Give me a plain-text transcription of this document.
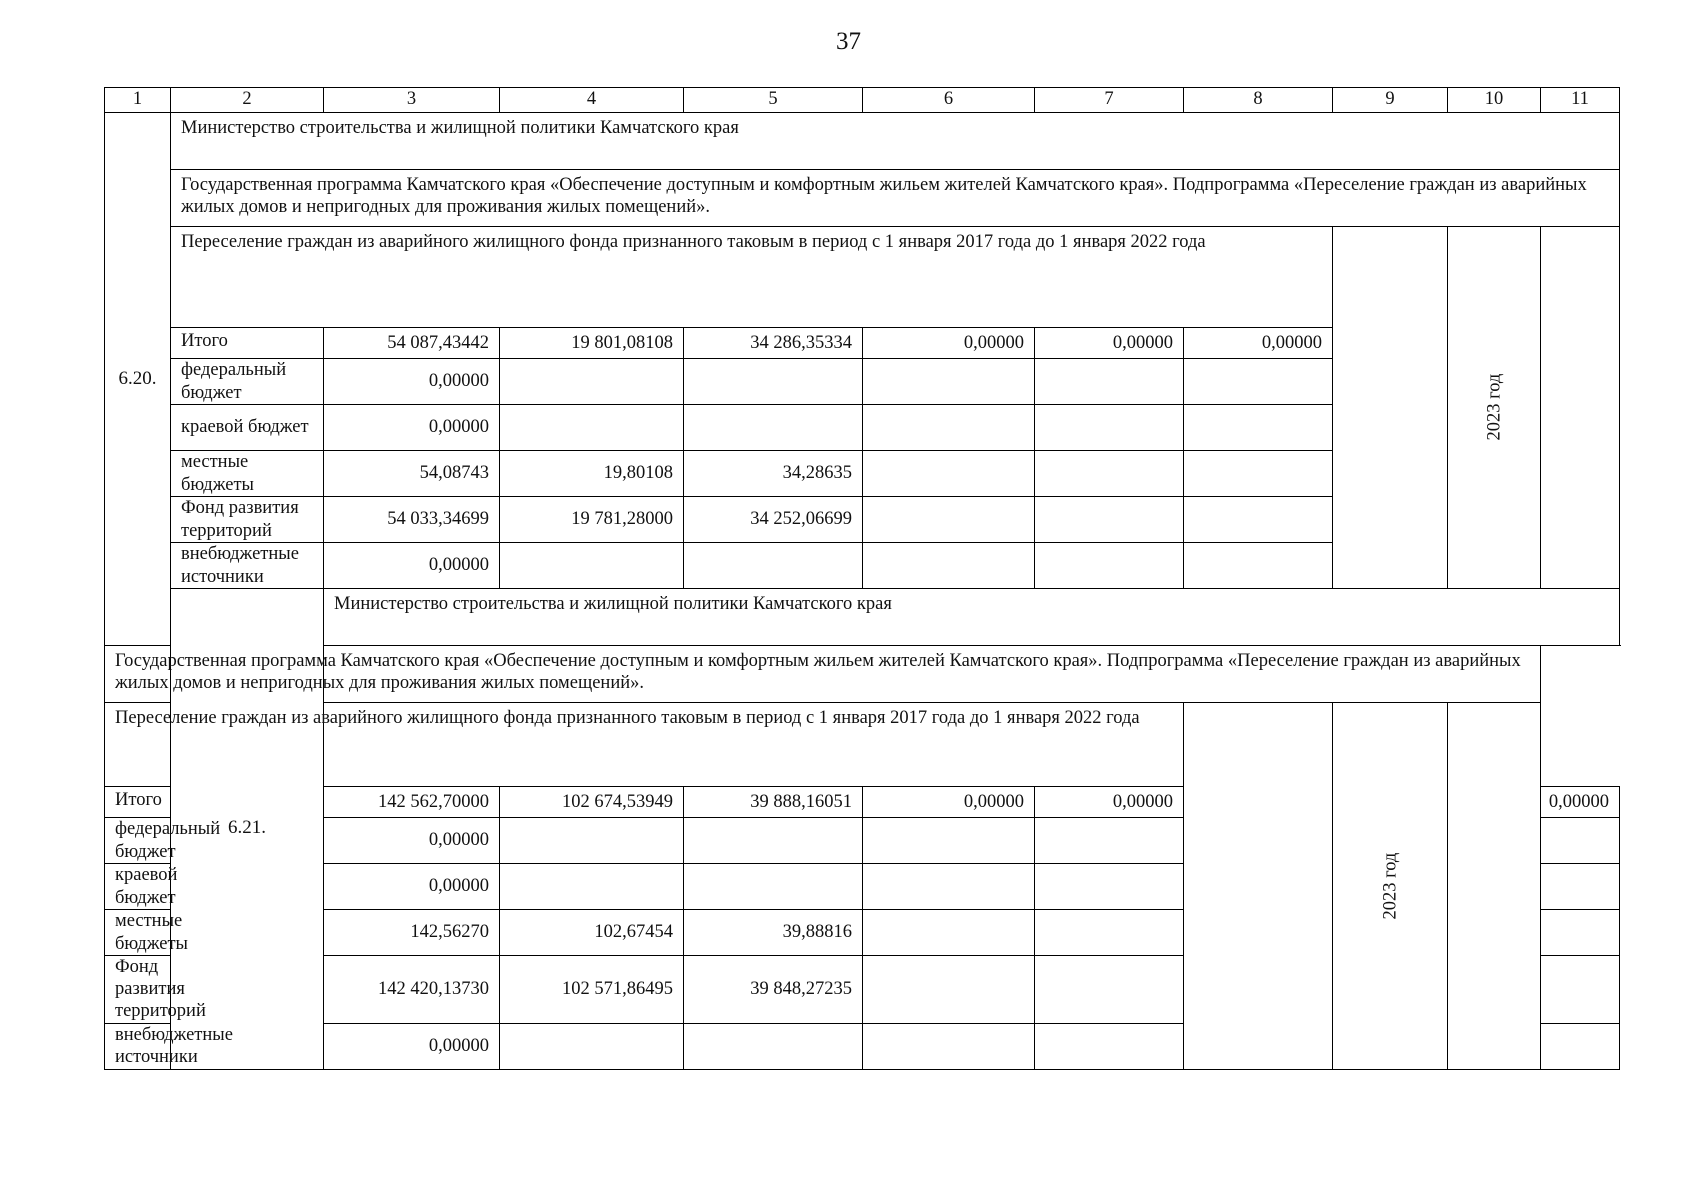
37
1	2	3	4	5	6	7	8	9	10	11
6.20.	Министерство строительства и жилищной политики Камчатского края									
	Государственная программа Камчатского края «Обеспечение доступным и комфортным жильем жителей Камчатского края». Подпрограмма «Переселение граждан из аварийных жилых домов и непригодных для проживания жилых помещений».									
	Переселение граждан из аварийного жилищного фонда признанного таковым в период с 1 января 2017 года до 1 января 2022 года								2023 год	
	Итого	54 087,43442	19 801,08108	34 286,35334	0,00000	0,00000	0,00000			
	федеральный бюджет	0,00000								
	краевой бюджет	0,00000								
	местные бюджеты	54,08743	19,80108	34,28635						
	Фонд развития территорий	54 033,34699	19 781,28000	34 252,06699						
	внебюджетные источники	0,00000								
	6.21.	Министерство строительства и жилищной политики Камчатского края								
Государственная программа Камчатского края «Обеспечение доступным и комфортным жильем жителей Камчатского края». Подпрограмма «Переселение граждан из аварийных жилых домов и непригодных для проживания жилых помещений».										
Переселение граждан из аварийного жилищного фонда признанного таковым в период с 1 января 2017 года до 1 января 2022 года								2023 год		
Итого		142 562,70000	102 674,53949	39 888,16051	0,00000	0,00000				0,00000
федеральный бюджет		0,00000								
краевой бюджет		0,00000								
местные бюджеты		142,56270	102,67454	39,88816						
Фонд развития территорий		142 420,13730	102 571,86495	39 848,27235						
внебюджетные источники		0,00000								
